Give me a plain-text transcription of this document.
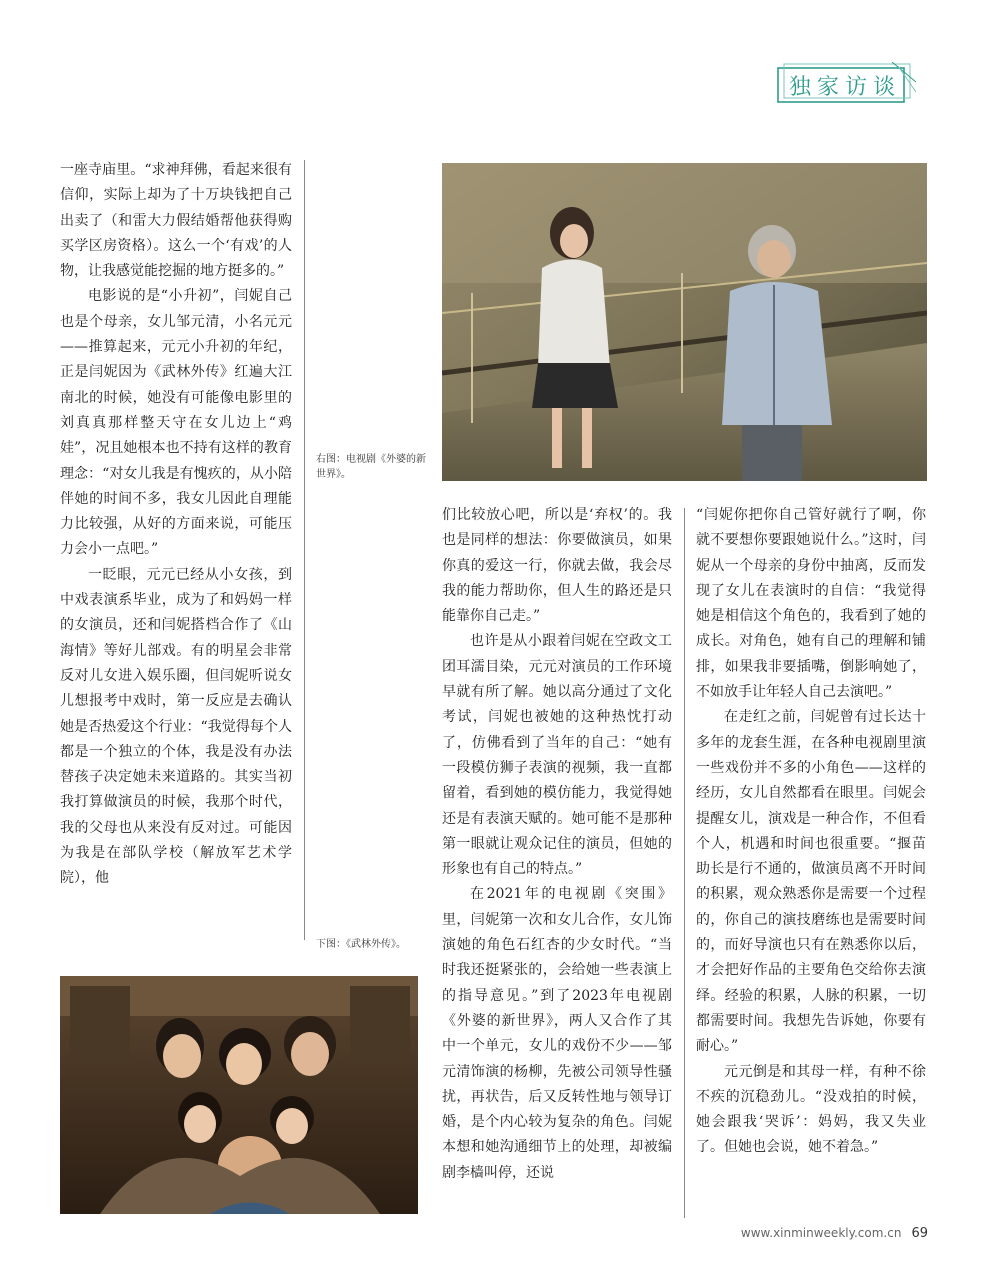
独家访谈

一座寺庙里。“求神拜佛，看起来很有信仰，实际上却为了十万块钱把自己出卖了（和雷大力假结婚帮他获得购买学区房资格）。这么一个‘有戏’的人物，让我感觉能挖掘的地方挺多的。”

电影说的是“小升初”，闫妮自己也是个母亲，女儿邹元清，小名元元——推算起来，元元小升初的年纪，正是闫妮因为《武林外传》红遍大江南北的时候，她没有可能像电影里的刘真真那样整天守在女儿边上“鸡娃”，况且她根本也不持有这样的教育理念：“对女儿我是有愧疚的，从小陪伴她的时间不多，我女儿因此自理能力比较强，从好的方面来说，可能压力会小一点吧。”

一眨眼，元元已经从小女孩，到中戏表演系毕业，成为了和妈妈一样的女演员，还和闫妮搭档合作了《山海情》等好儿部戏。有的明星会非常反对儿女进入娱乐圈，但闫妮听说女儿想报考中戏时，第一反应是去确认她是否热爱这个行业：“我觉得每个人都是一个独立的个体，我是没有办法替孩子决定她未来道路的。其实当初我打算做演员的时候，我那个时代，我的父母也从来没有反对过。可能因为我是在部队学校（解放军艺术学院），他

右图：电视剧《外婆的新世界》。

们比较放心吧，所以是‘弃权’的。我也是同样的想法：你要做演员，如果你真的爱这一行，你就去做，我会尽我的能力帮助你，但人生的路还是只能靠你自己走。”

也许是从小跟着闫妮在空政文工团耳濡目染，元元对演员的工作环境早就有所了解。她以高分通过了文化考试，闫妮也被她的这种热忱打动了，仿佛看到了当年的自己：“她有一段模仿狮子表演的视频，我一直都留着，看到她的模仿能力，我觉得她还是有表演天赋的。她可能不是那种第一眼就让观众记住的演员，但她的形象也有自己的特点。”

在2021年的电视剧《突围》里，闫妮第一次和女儿合作，女儿饰演她的角色石红杏的少女时代。“当时我还挺紧张的，会给她一些表演上的指导意见。”到了2023年电视剧《外婆的新世界》，两人又合作了其中一个单元，女儿的戏份不少——邹元清饰演的杨柳，先被公司领导性骚扰，再状告，后又反转性地与领导订婚，是个内心较为复杂的角色。闫妮本想和她沟通细节上的处理，却被编剧李樯叫停，还说

“闫妮你把你自己管好就行了啊，你就不要想你要跟她说什么。”这时，闫妮从一个母亲的身份中抽离，反而发现了女儿在表演时的自信：“我觉得她是相信这个角色的，我看到了她的成长。对角色，她有自己的理解和铺排，如果我非要插嘴，倒影响她了，不如放手让年轻人自己去演吧。”

在走红之前，闫妮曾有过长达十多年的龙套生涯，在各种电视剧里演一些戏份并不多的小角色——这样的经历，女儿自然都看在眼里。闫妮会提醒女儿，演戏是一种合作，不但看个人，机遇和时间也很重要。“揠苗助长是行不通的，做演员离不开时间的积累，观众熟悉你是需要一个过程的，你自己的演技磨练也是需要时间的，而好导演也只有在熟悉你以后，才会把好作品的主要角色交给你去演绎。经验的积累，人脉的积累，一切都需要时间。我想先告诉她，你要有耐心。”

元元倒是和其母一样，有种不徐不疾的沉稳劲儿。“没戏拍的时候，她会跟我‘哭诉’：妈妈，我又失业了。但她也会说，她不着急。”

下图：《武林外传》。
www.xinminweekly.com.cn 69
